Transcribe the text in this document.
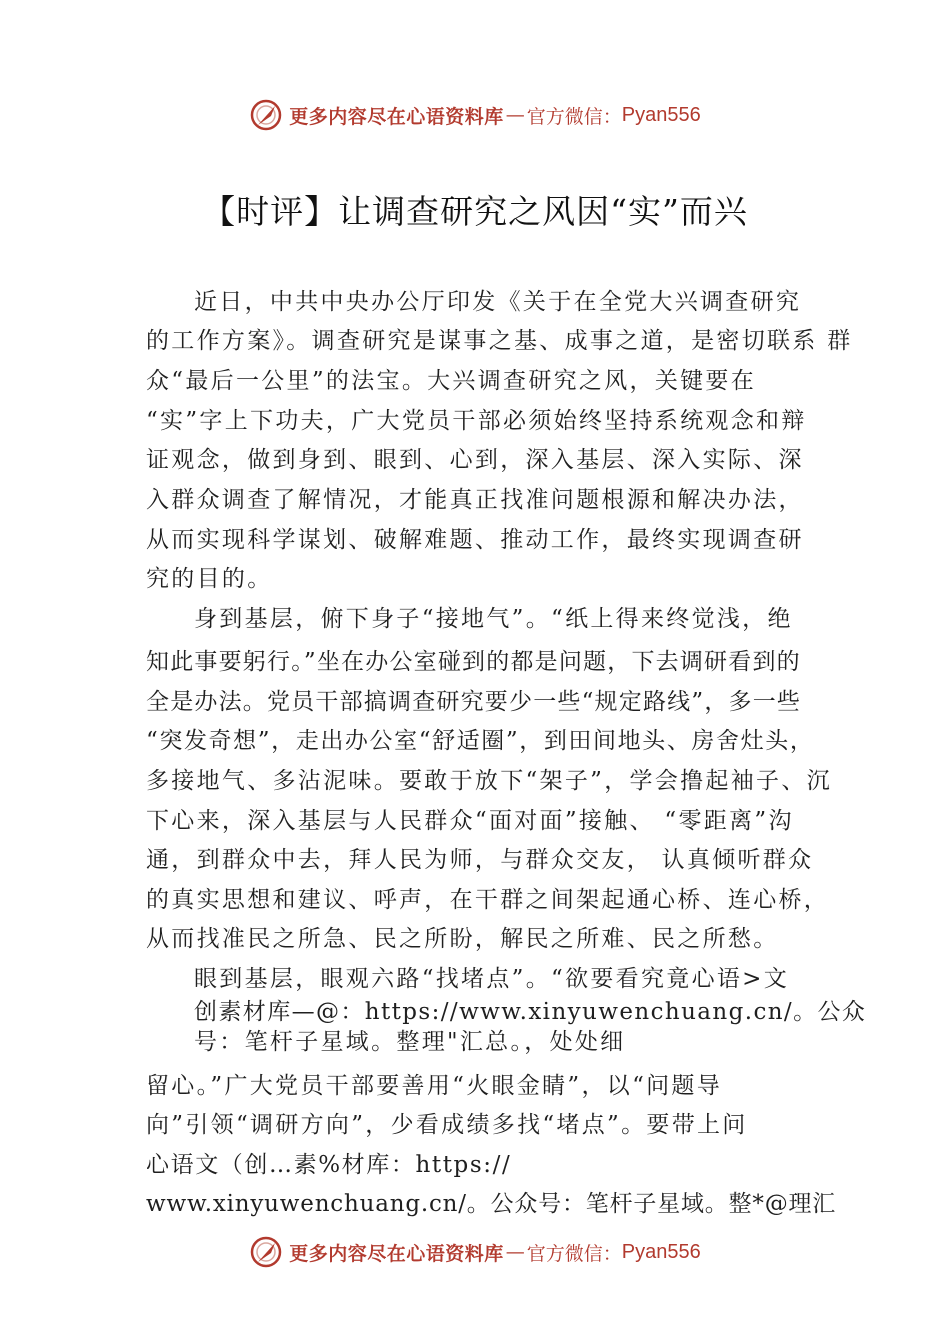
更多内容尽在心语资料库 — 官方微信： Pyan556
【时评】让调查研究之风因“实”而兴
近日，中共中央办公厅印发《关于在全党大兴调查研究
的工作方案》。调查研究是谋事之基、成事之道，是密切联系 群
众“最后一公里”的法宝。大兴调查研究之风，关键要在
“实”字上下功夫，广大党员干部必须始终坚持系统观念和辩
证观念，做到身到、眼到、心到，深入基层、深入实际、深
入群众调查了解情况，才能真正找准问题根源和解决办法，
从而实现科学谋划、破解难题、推动工作，最终实现调查研
究的目的。
身到基层，俯下身子“接地气”。“纸上得来终觉浅，绝
知此事要躬行。”坐在办公室碰到的都是问题，下去调研看到的
全是办法。党员干部搞调查研究要少一些“规定路线”，多一些
“突发奇想”，走出办公室“舒适圈”，到田间地头、房舍灶头，
多接地气、多沾泥味。要敢于放下“架子”，学会撸起袖子、沉
下心来，深入基层与人民群众“面对面”接触、 “零距离”沟
通，到群众中去，拜人民为师，与群众交友， 认真倾听群众
的真实思想和建议、呼声，在干群之间架起通心桥、连心桥，
从而找准民之所急、民之所盼，解民之所难、民之所愁。
眼到基层，眼观六路“找堵点”。“欲要看究竟心语>文
创素材库—@：https://www.xinyuwenchuang.cn/。公众
号：笔杆子星域。整理"汇总。，处处细
留心。”广大党员干部要善用“火眼金睛”，以“问题导
向”引领“调研方向”，少看成绩多找“堵点”。要带上问
心语文（创…素%材库：https://
www.xinyuwenchuang.cn/。公众号：笔杆子星域。整*@理汇
更多内容尽在心语资料库 — 官方微信： Pyan556
